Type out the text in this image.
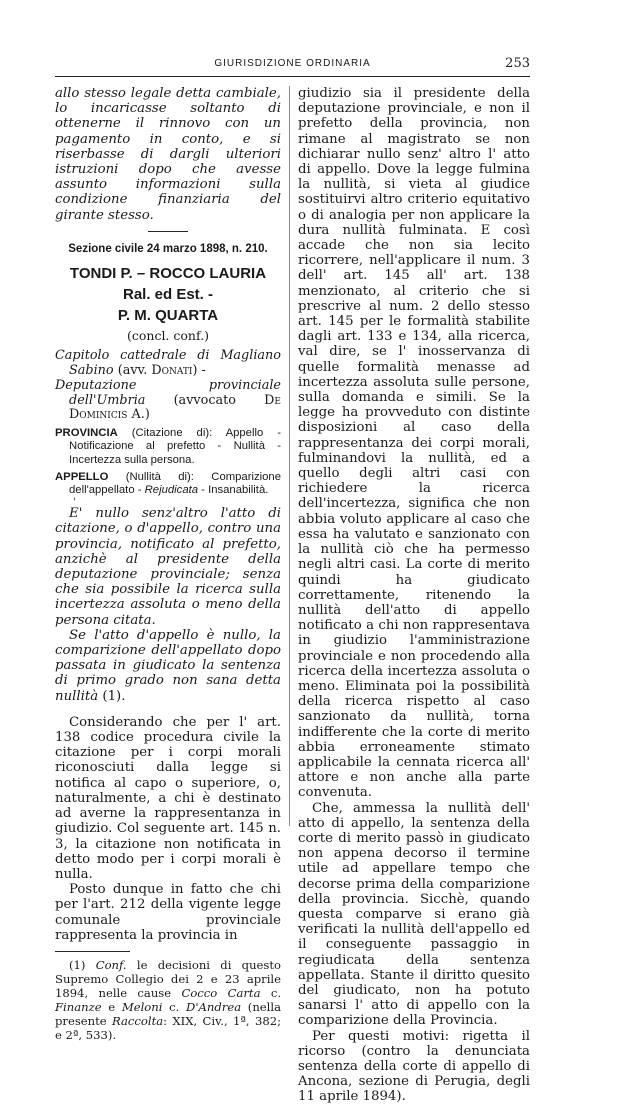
GIURISDIZIONE ORDINARIA	253

allo stesso legale detta cambiale, lo incaricasse soltanto di ottenerne il rinnovo con un pagamento in conto, e si riserbasse di dargli ulteriori istruzioni dopo che avesse assunto informazioni sulla condizione finanziaria del girante stesso.

Sezione civile 24 marzo 1898, n. 210.
TONDI P. – ROCCO LAURIA Ral. ed Est. -
P. M. QUARTA
(concl. conf.)

Capitolo cattedrale di Magliano Sabino (avv. Donati) -

Deputazione provinciale dell'Umbria (avvocato De Dominicis A.)

PROVINCIA (Citazione di): Appello - Notificazione al prefetto - Nullità - Incertezza sulla persona.

APPELLO (Nullità di): Comparizione dell'appellato - Rejudicata - Insanabilità.

'

E' nullo senz'altro l'atto di citazione, o d'appello, contro una provincia, notificato al prefetto, anzichè al presidente della deputazione provinciale; senza che sia possibile la ricerca sulla incertezza assoluta o meno della persona citata.

Se l'atto d'appello è nullo, la comparizione dell'appellato dopo passata in giudicato la sentenza di primo grado non sana detta nullità (1).

Considerando che per l' art. 138 codice procedura civile la citazione per i corpi morali riconosciuti dalla legge si notifica al capo o superiore, o, naturalmente, a chi è destinato ad averne la rappresentanza in giudizio. Col seguente art. 145 n. 3, la citazione non notificata in detto modo per i corpi morali è nulla.

Posto dunque in fatto che chi per l'art. 212 della vigente legge comunale provinciale rappresenta la provincia in

(1) Conf. le decisioni di questo Supremo Collegio dei 2 e 23 aprile 1894, nelle cause Cocco Carta c. Finanze e Meloni c. D'Andrea (nella presente Raccolta: XIX, Civ., 1ª, 382; e 2ª, 533).

giudizio sia il presidente della deputazione provinciale, e non il prefetto della provincia, non rimane al magistrato se non dichiarar nullo senz' altro l' atto di appello. Dove la legge fulmina la nullità, si vieta al giudice sostituirvi altro criterio equitativo o di analogia per non applicare la dura nullità fulminata. E così accade che non sia lecito ricorrere, nell'applicare il num. 3 dell' art. 145 all' art. 138 menzionato, al criterio che si prescrive al num. 2 dello stesso art. 145 per le formalità stabilite dagli art. 133 e 134, alla ricerca, val dire, se l' inosservanza di quelle formalità menasse ad incertezza assoluta sulle persone, sulla domanda e simili. Se la legge ha provveduto con distinte disposizioni al caso della rappresentanza dei corpi morali, fulminandovi la nullità, ed a quello degli altri casi con richiedere la ricerca dell'incertezza, significa che non abbia voluto applicare al caso che essa ha valutato e sanzionato con la nullità ciò che ha permesso negli altri casi. La corte di merito quindi ha giudicato correttamente, ritenendo la nullità dell'atto di appello notificato a chi non rappresentava in giudizio l'amministrazione provinciale e non procedendo alla ricerca della incertezza assoluta o meno. Eliminata poi la possibilità della ricerca rispetto al caso sanzionato da nullità, torna indifferente che la corte di merito abbia erroneamente stimato applicabile la cennata ricerca all' attore e non anche alla parte convenuta.

Che, ammessa la nullità dell' atto di appello, la sentenza della corte di merito passò in giudicato non appena decorso il termine utile ad appellare tempo che decorse prima della comparizione della provincia. Sicchè, quando questa comparve si erano già verificati la nullità dell'appello ed il conseguente passaggio in regiudicata della sentenza appellata. Stante il diritto quesito del giudicato, non ha potuto sanarsi l' atto di appello con la comparizione della Provincia.

Per questi motivi: rigetta il ricorso (contro la denunciata sentenza della corte di appello di Ancona, sezione di Perugia, degli 11 aprile 1894).
